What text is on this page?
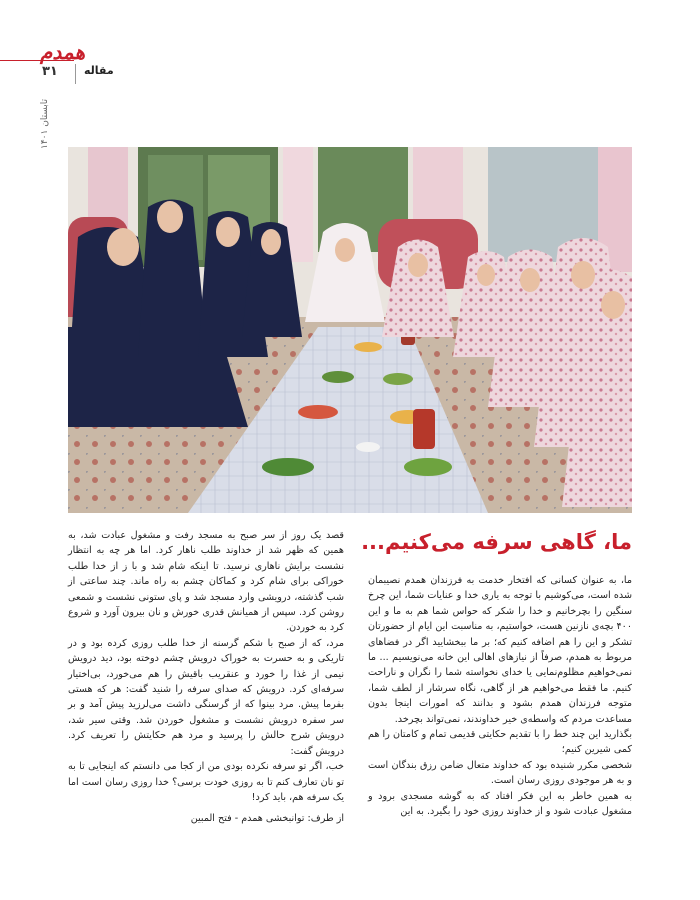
همدم
۳۱ مقاله
تابستان ۱۴۰۱
ما، گاهی سرفه می‌کنیم...

ما، به عنوان کسانی که افتخار خدمت به فرزندان همدم نصیبمان شده است، می‌کوشیم با توجه به یاری خدا و عنایات شما، این چرخ سنگین را بچرخانیم و خدا را شکر که حواس شما هم به ما و این ۴۰۰ بچه‌ی نازنین هست، خواستیم، به مناسبت این ایام از حضورتان تشکر و این را هم اضافه کنیم که؛ بر ما ببخشایید اگر در فضاهای مربوط به همدم، صرفاً از نیازهای اهالی این خانه می‌نویسیم ... ما نمی‌خواهیم مظلوم‌نمایی یا خدای نخواسته شما را نگران و ناراحت کنیم. ما فقط می‌خواهیم هر از گاهی، نگاه سرشار از لطف شما، متوجه فرزندان همدم بشود و بدانند که امورات اینجا بدون مساعدت مردم که واسطه‌ی خیر خداوندند، نمی‌تواند بچرخد.

بگذارید این چند خط را با تقدیم حکایتی قدیمی تمام و کامتان را هم کمی شیرین کنیم؛

شخصی مکرر شنیده بود که خداوند متعال ضامن رزق بندگان است و به هر موجودی روزی رسان است.

به همین خاطر به این فکر افتاد که به گوشه مسجدی برود و مشغول عبادت شود و از خداوند روزی خود را بگیرد. به این

قصد یک روز از سر صبح به مسجد رفت و مشغول عبادت شد، به همین که ظهر شد از خداوند طلب ناهار کرد. اما هر چه به انتظار نشست برایش ناهاری نرسید. تا اینکه شام شد و با ز از خدا طلب خوراکی برای شام کرد و کماکان چشم به راه ماند. چند ساعتی از شب گذشته، درویشی وارد مسجد شد و پای ستونی نشست و شمعی روشن کرد. سپس از همیانش قدری خورش و نان بیرون آورد و شروع کرد به خوردن.

مرد، که از صبح با شکم گرسنه از خدا طلب روزی کرده بود و در تاریکی و به حسرت به خوراک درویش چشم دوخته بود، دید درویش نیمی از غذا را خورد و عنقریب باقیش را هم می‌خورد، بی‌اختیار سرفه‌ای کرد. درویش که صدای سرفه را شنید گفت: هر که هستی بفرما پیش. مرد بینوا که از گرسنگی داشت می‌لرزید پیش آمد و بر سر سفره درویش نشست و مشغول خوردن شد. وقتی سیر شد، درویش شرح حالش را پرسید و مرد هم حکایتش را تعریف کرد. درویش گفت:

خب، اگر تو سرفه نکرده بودی من از کجا می دانستم که اینجایی تا به تو نان تعارف کنم تا به روزی خودت برسی؟ خدا روزی رسان است اما یک سرفه هم، باید کرد!

از طرف: توانبخشی همدم - فتح المبین
